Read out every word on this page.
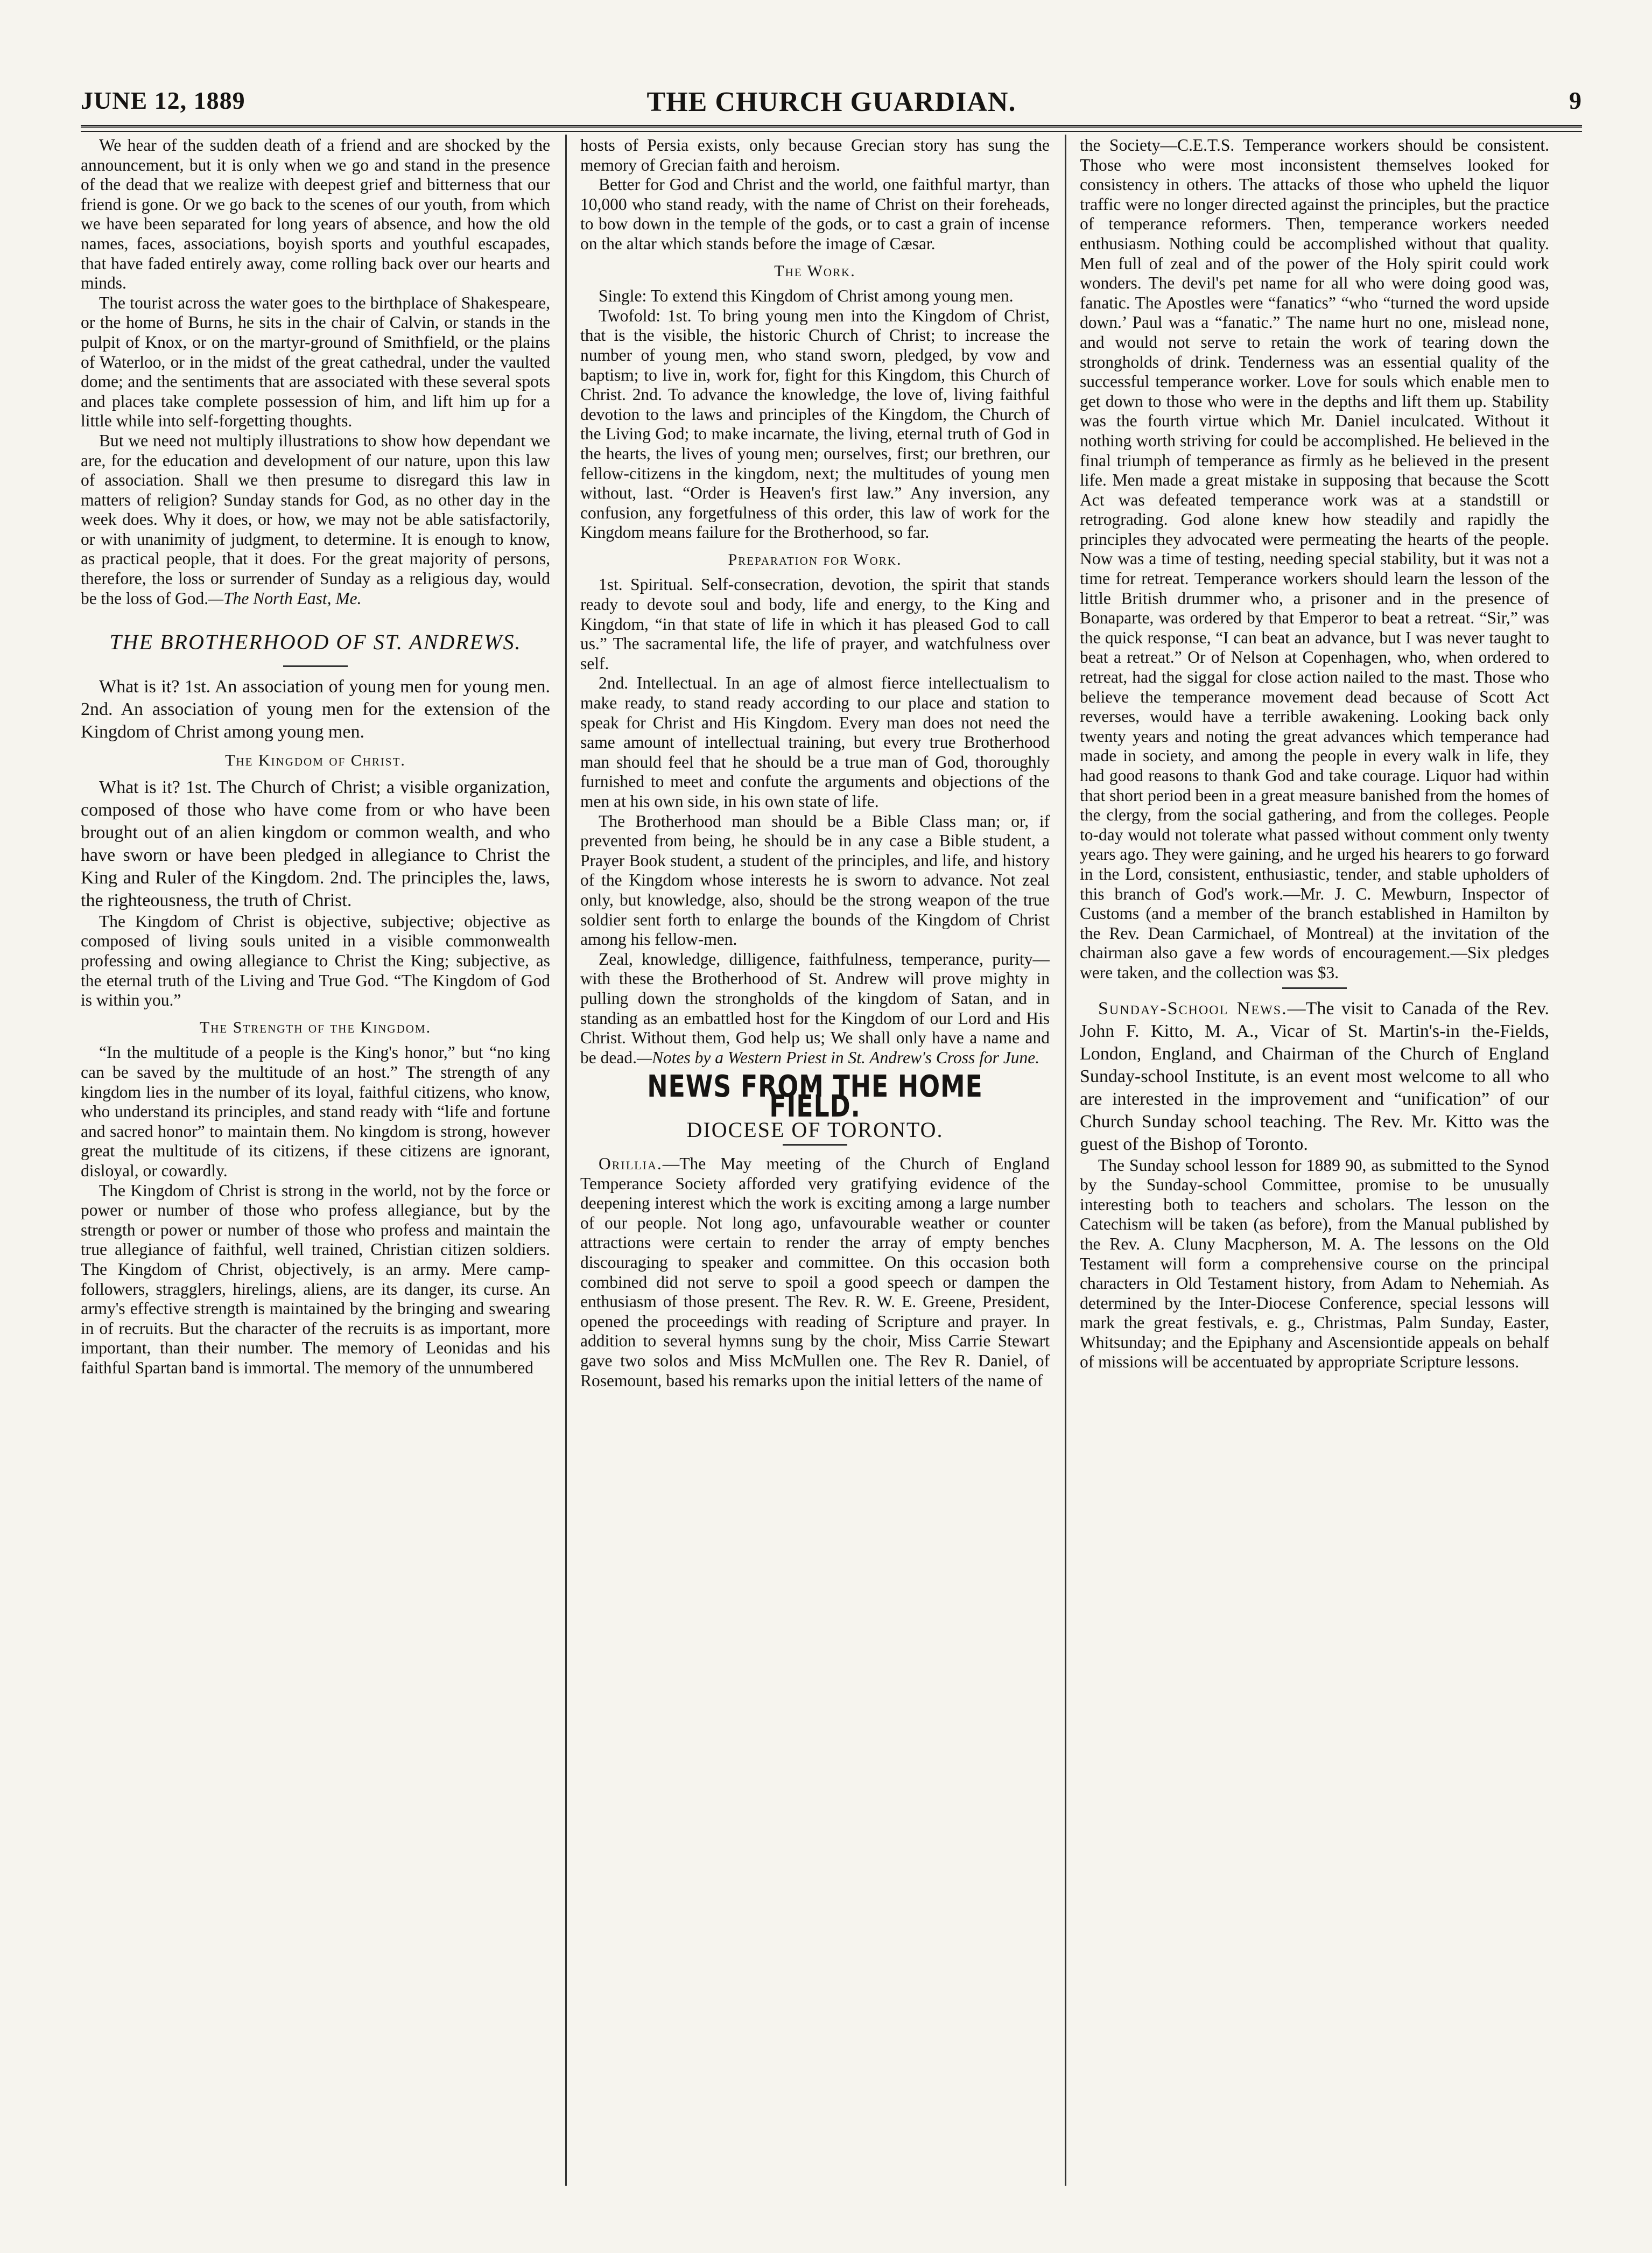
JUNE 12, 1889	THE CHURCH GUARDIAN.	9

We hear of the sudden death of a friend and are shocked by the announcement, but it is only when we go and stand in the presence of the dead that we realize with deepest grief and bitterness that our friend is gone. Or we go back to the scenes of our youth, from which we have been separated for long years of absence, and how the old names, faces, associations, boyish sports and youthful escapades, that have faded entirely away, come rolling back over our hearts and minds.

The tourist across the water goes to the birthplace of Shakespeare, or the home of Burns, he sits in the chair of Calvin, or stands in the pulpit of Knox, or on the martyr-ground of Smithfield, or the plains of Waterloo, or in the midst of the great cathedral, under the vaulted dome; and the sentiments that are associated with these several spots and places take complete possession of him, and lift him up for a little while into self-forgetting thoughts.

But we need not multiply illustrations to show how dependant we are, for the education and development of our nature, upon this law of association. Shall we then presume to disregard this law in matters of religion? Sunday stands for God, as no other day in the week does. Why it does, or how, we may not be able satisfactorily, or with unanimity of judgment, to determine. It is enough to know, as practical people, that it does. For the great majority of persons, therefore, the loss or surrender of Sunday as a religious day, would be the loss of God.—The North East, Me.

THE BROTHERHOOD OF ST. ANDREWS.

What is it? 1st. An association of young men for young men. 2nd. An association of young men for the extension of the Kingdom of Christ among young men.

The Kingdom of Christ.

What is it? 1st. The Church of Christ; a visible organization, composed of those who have come from or who have been brought out of an alien kingdom or common wealth, and who have sworn or have been pledged in allegiance to Christ the King and Ruler of the Kingdom. 2nd. The principles the, laws, the righteousness, the truth of Christ.

The Kingdom of Christ is objective, subjective; objective as composed of living souls united in a visible commonwealth professing and owing allegiance to Christ the King; subjective, as the eternal truth of the Living and True God. “The Kingdom of God is within you.”

The Strength of the Kingdom.

“In the multitude of a people is the King's honor,” but “no king can be saved by the multitude of an host.” The strength of any kingdom lies in the number of its loyal, faithful citizens, who know, who understand its principles, and stand ready with “life and fortune and sacred honor” to maintain them. No kingdom is strong, however great the multitude of its citizens, if these citizens are ignorant, disloyal, or cowardly.

The Kingdom of Christ is strong in the world, not by the force or power or number of those who profess allegiance, but by the strength or power or number of those who profess and maintain the true allegiance of faithful, well trained, Christian citizen soldiers. The Kingdom of Christ, objectively, is an army. Mere camp-followers, stragglers, hirelings, aliens, are its danger, its curse. An army's effective strength is maintained by the bringing and swearing in of recruits. But the character of the recruits is as important, more important, than their number. The memory of Leonidas and his faithful Spartan band is immortal. The memory of the unnumbered

hosts of Persia exists, only because Grecian story has sung the memory of Grecian faith and heroism.

Better for God and Christ and the world, one faithful martyr, than 10,000 who stand ready, with the name of Christ on their foreheads, to bow down in the temple of the gods, or to cast a grain of incense on the altar which stands before the image of Cæsar.

The Work.

Single: To extend this Kingdom of Christ among young men.

Twofold: 1st. To bring young men into the Kingdom of Christ, that is the visible, the historic Church of Christ; to increase the number of young men, who stand sworn, pledged, by vow and baptism; to live in, work for, fight for this Kingdom, this Church of Christ. 2nd. To advance the knowledge, the love of, living faithful devotion to the laws and principles of the Kingdom, the Church of the Living God; to make incarnate, the living, eternal truth of God in the hearts, the lives of young men; ourselves, first; our brethren, our fellow-citizens in the kingdom, next; the multitudes of young men without, last. “Order is Heaven's first law.” Any inversion, any confusion, any forgetfulness of this order, this law of work for the Kingdom means failure for the Brotherhood, so far.

Preparation for Work.

1st. Spiritual. Self-consecration, devotion, the spirit that stands ready to devote soul and body, life and energy, to the King and Kingdom, “in that state of life in which it has pleased God to call us.” The sacramental life, the life of prayer, and watchfulness over self.

2nd. Intellectual. In an age of almost fierce intellectualism to make ready, to stand ready according to our place and station to speak for Christ and His Kingdom. Every man does not need the same amount of intellectual training, but every true Brotherhood man should feel that he should be a true man of God, thoroughly furnished to meet and confute the arguments and objections of the men at his own side, in his own state of life.

The Brotherhood man should be a Bible Class man; or, if prevented from being, he should be in any case a Bible student, a Prayer Book student, a student of the principles, and life, and history of the Kingdom whose interests he is sworn to advance. Not zeal only, but knowledge, also, should be the strong weapon of the true soldier sent forth to enlarge the bounds of the Kingdom of Christ among his fellow-men.

Zeal, knowledge, dilligence, faithfulness, temperance, purity—with these the Brotherhood of St. Andrew will prove mighty in pulling down the strongholds of the kingdom of Satan, and in standing as an embattled host for the Kingdom of our Lord and His Christ. Without them, God help us; We shall only have a name and be dead.—Notes by a Western Priest in St. Andrew's Cross for June.

NEWS FROM THE HOME FIELD.
DIOCESE OF TORONTO.

Orillia.—The May meeting of the Church of England Temperance Society afforded very gratifying evidence of the deepening interest which the work is exciting among a large number of our people. Not long ago, unfavourable weather or counter attractions were certain to render the array of empty benches discouraging to speaker and committee. On this occasion both combined did not serve to spoil a good speech or dampen the enthusiasm of those present. The Rev. R. W. E. Greene, President, opened the proceedings with reading of Scripture and prayer. In addition to several hymns sung by the choir, Miss Carrie Stewart gave two solos and Miss McMullen one. The Rev R. Daniel, of Rosemount, based his remarks upon the initial letters of the name of

the Society—C.E.T.S. Temperance workers should be consistent. Those who were most inconsistent themselves looked for consistency in others. The attacks of those who upheld the liquor traffic were no longer directed against the principles, but the practice of temperance reformers. Then, temperance workers needed enthusiasm. Nothing could be accomplished without that quality. Men full of zeal and of the power of the Holy spirit could work wonders. The devil's pet name for all who were doing good was, fanatic. The Apostles were “fanatics” “who “turned the word upside down.’ Paul was a “fanatic.” The name hurt no one, mislead none, and would not serve to retain the work of tearing down the strongholds of drink. Tenderness was an essential quality of the successful temperance worker. Love for souls which enable men to get down to those who were in the depths and lift them up. Stability was the fourth virtue which Mr. Daniel inculcated. Without it nothing worth striving for could be accomplished. He believed in the final triumph of temperance as firmly as he believed in the present life. Men made a great mistake in supposing that because the Scott Act was defeated temperance work was at a standstill or retrograding. God alone knew how steadily and rapidly the principles they advocated were permeating the hearts of the people. Now was a time of testing, needing special stability, but it was not a time for retreat. Temperance workers should learn the lesson of the little British drummer who, a prisoner and in the presence of Bonaparte, was ordered by that Emperor to beat a retreat. “Sir,” was the quick response, “I can beat an advance, but I was never taught to beat a retreat.” Or of Nelson at Copenhagen, who, when ordered to retreat, had the siggal for close action nailed to the mast. Those who believe the temperance movement dead because of Scott Act reverses, would have a terrible awakening. Looking back only twenty years and noting the great advances which temperance had made in society, and among the people in every walk in life, they had good reasons to thank God and take courage. Liquor had within that short period been in a great measure banished from the homes of the clergy, from the social gathering, and from the colleges. People to-day would not tolerate what passed without comment only twenty years ago. They were gaining, and he urged his hearers to go forward in the Lord, consistent, enthusiastic, tender, and stable upholders of this branch of God's work.—Mr. J. C. Mewburn, Inspector of Customs (and a member of the branch established in Hamilton by the Rev. Dean Carmichael, of Montreal) at the invitation of the chairman also gave a few words of encouragement.—Six pledges were taken, and the collection was $3.

Sunday-School News.—The visit to Canada of the Rev. John F. Kitto, M. A., Vicar of St. Martin's-in the-Fields, London, England, and Chairman of the Church of England Sunday-school Institute, is an event most welcome to all who are interested in the improvement and “unification” of our Church Sunday school teaching. The Rev. Mr. Kitto was the guest of the Bishop of Toronto.

The Sunday school lesson for 1889 90, as submitted to the Synod by the Sunday-school Committee, promise to be unusually interesting both to teachers and scholars. The lesson on the Catechism will be taken (as before), from the Manual published by the Rev. A. Cluny Macpherson, M. A. The lessons on the Old Testament will form a comprehensive course on the principal characters in Old Testament history, from Adam to Nehemiah. As determined by the Inter-Diocese Conference, special lessons will mark the great festivals, e. g., Christmas, Palm Sunday, Easter, Whitsunday; and the Epiphany and Ascensiontide appeals on behalf of missions will be accentuated by appropriate Scripture lessons.
